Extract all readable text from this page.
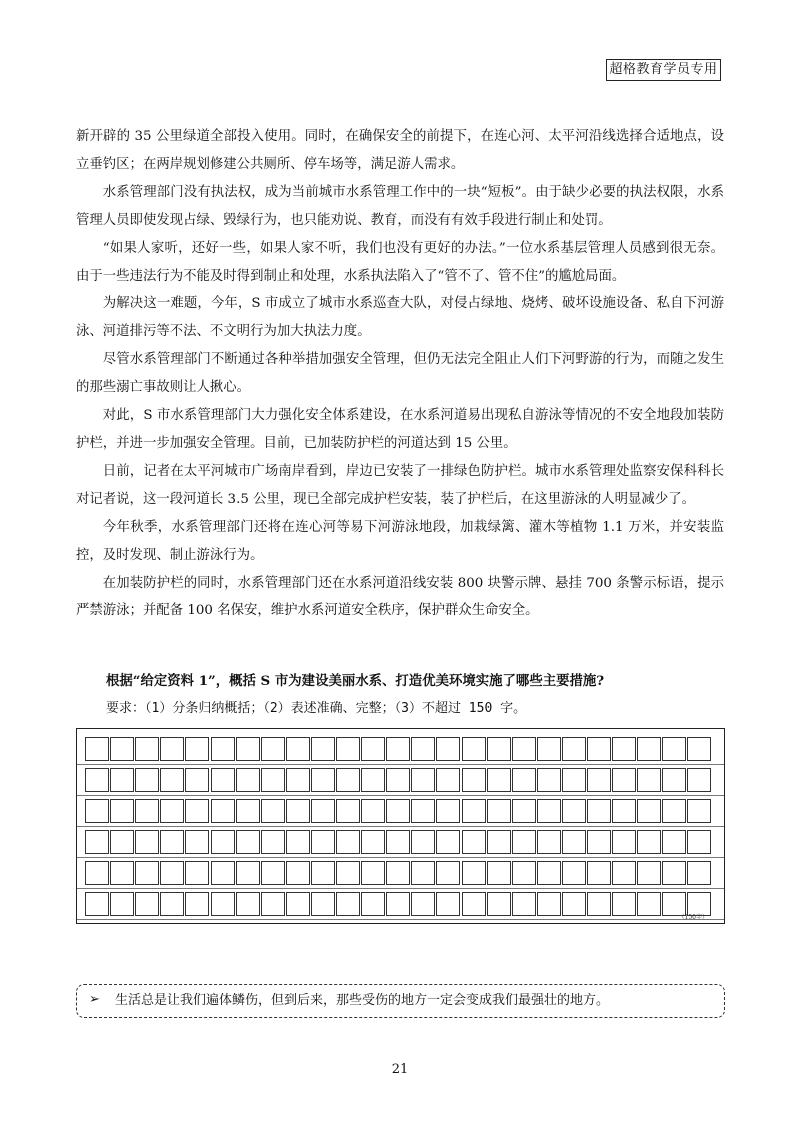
超格教育学员专用

新开辟的 35 公里绿道全部投入使用。同时，在确保安全的前提下，在连心河、太平河沿线选择合适地点，设立垂钓区；在两岸规划修建公共厕所、停车场等，满足游人需求。

水系管理部门没有执法权，成为当前城市水系管理工作中的一块“短板”。由于缺少必要的执法权限，水系管理人员即使发现占绿、毁绿行为，也只能劝说、教育，而没有有效手段进行制止和处罚。

“如果人家听，还好一些，如果人家不听，我们也没有更好的办法。”一位水系基层管理人员感到很无奈。由于一些违法行为不能及时得到制止和处理，水系执法陷入了“管不了、管不住”的尴尬局面。

为解决这一难题，今年，S 市成立了城市水系巡查大队，对侵占绿地、烧烤、破坏设施设备、私自下河游泳、河道排污等不法、不文明行为加大执法力度。

尽管水系管理部门不断通过各种举措加强安全管理，但仍无法完全阻止人们下河野游的行为，而随之发生的那些溺亡事故则让人揪心。

对此，S 市水系管理部门大力强化安全体系建设，在水系河道易出现私自游泳等情况的不安全地段加装防护栏，并进一步加强安全管理。目前，已加装防护栏的河道达到 15 公里。

日前，记者在太平河城市广场南岸看到，岸边已安装了一排绿色防护栏。城市水系管理处监察安保科科长对记者说，这一段河道长 3.5 公里，现已全部完成护栏安装，装了护栏后，在这里游泳的人明显减少了。

今年秋季，水系管理部门还将在连心河等易下河游泳地段，加栽绿篱、灌木等植物 1.1 万米，并安装监控，及时发现、制止游泳行为。

在加装防护栏的同时，水系管理部门还在水系河道沿线安装 800 块警示牌、悬挂 700 条警示标语，提示严禁游泳；并配备 100 名保安，维护水系河道安全秩序，保护群众生命安全。

根据“给定资料 1”，概括 S 市为建设美丽水系、打造优美环境实施了哪些主要措施?
要求：（1）分条归纳概括；（2）表述准确、完整；（3）不超过 150 字。
（150字）
➢ 生活总是让我们遍体鳞伤，但到后来，那些受伤的地方一定会变成我们最强壮的地方。
21
